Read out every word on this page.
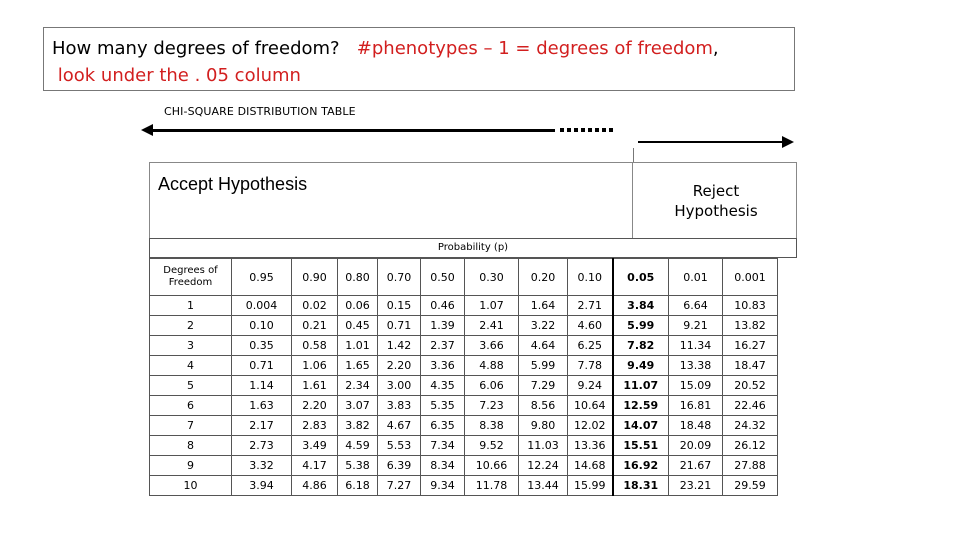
How many degrees of freedom? #phenotypes – 1 = degrees of freedom,
look under the . 05 column
CHI-SQUARE DISTRIBUTION TABLE
Accept Hypothesis	Reject
Hypothesis
Probability (p)
Degrees of
Freedom	0.95	0.90	0.80	0.70	0.50	0.30	0.20	0.10	0.05	0.01	0.001
1	0.004	0.02	0.06	0.15	0.46	1.07	1.64	2.71	3.84	6.64	10.83
2	0.10	0.21	0.45	0.71	1.39	2.41	3.22	4.60	5.99	9.21	13.82
3	0.35	0.58	1.01	1.42	2.37	3.66	4.64	6.25	7.82	11.34	16.27
4	0.71	1.06	1.65	2.20	3.36	4.88	5.99	7.78	9.49	13.38	18.47
5	1.14	1.61	2.34	3.00	4.35	6.06	7.29	9.24	11.07	15.09	20.52
6	1.63	2.20	3.07	3.83	5.35	7.23	8.56	10.64	12.59	16.81	22.46
7	2.17	2.83	3.82	4.67	6.35	8.38	9.80	12.02	14.07	18.48	24.32
8	2.73	3.49	4.59	5.53	7.34	9.52	11.03	13.36	15.51	20.09	26.12
9	3.32	4.17	5.38	6.39	8.34	10.66	12.24	14.68	16.92	21.67	27.88
10	3.94	4.86	6.18	7.27	9.34	11.78	13.44	15.99	18.31	23.21	29.59
